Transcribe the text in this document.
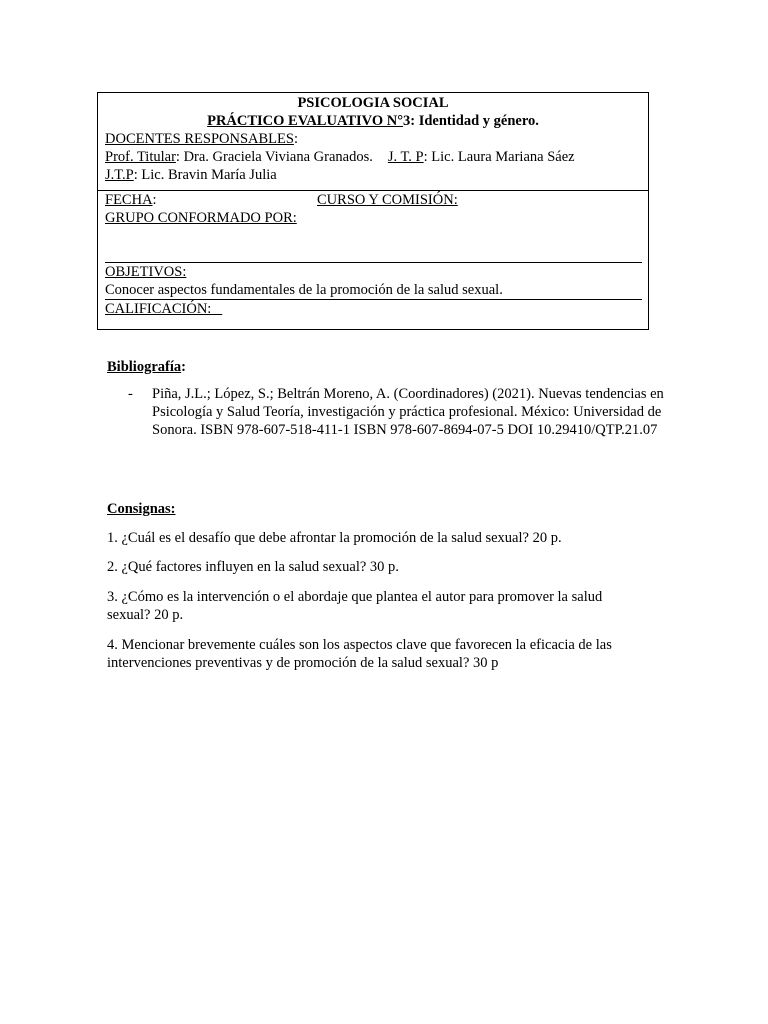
PSICOLOGIA SOCIAL
PRÁCTICO EVALUATIVO N°3: Identidad y género.
DOCENTES RESPONSABLES:
Prof. Titular: Dra. Graciela Viviana Granados. J. T. P: Lic. Laura Mariana Sáez
J.T.P: Lic. Bravin María Julia
FECHA:	CURSO Y COMISIÓN:
GRUPO CONFORMADO POR:
OBJETIVOS:
Conocer aspectos fundamentales de la promoción de la salud sexual.
CALIFICACIÓN:
Bibliografía:
-	Piña, J.L.; López, S.; Beltrán Moreno, A. (Coordinadores) (2021). Nuevas tendencias en Psicología y Salud Teoría, investigación y práctica profesional. México: Universidad de Sonora. ISBN 978-607-518-411-1 ISBN 978-607-8694-07-5 DOI 10.29410/QTP.21.07
Consignas:
1. ¿Cuál es el desafío que debe afrontar la promoción de la salud sexual? 20 p.
2. ¿Qué factores influyen en la salud sexual? 30 p.
3. ¿Cómo es la intervención o el abordaje que plantea el autor para promover la salud sexual? 20 p.
4. Mencionar brevemente cuáles son los aspectos clave que favorecen la eficacia de las intervenciones preventivas y de promoción de la salud sexual? 30 p
